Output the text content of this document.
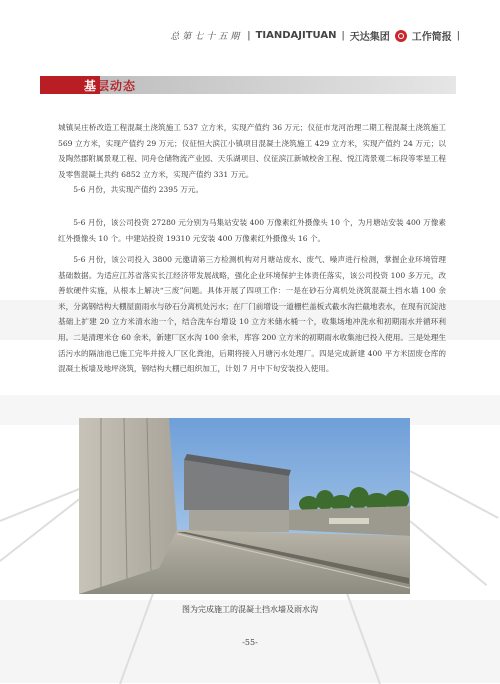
总第七十五期 | TIANDAJITUAN | 天达集团 工作简报 |
基层动态

城镇吴庄桥改造工程混凝土浇筑施工 537 立方米，实现产值约 36 万元；仪征市龙河治理二期工程混凝土浇筑施工 569 立方米，实现产值约 29 万元；仪征恒大滨江小镇项目混凝土浇筑施工 429 立方米，实现产值约 24 万元；以及陶然郡附属景观工程、同舟仓储物流产业园、天乐湖项目、仪征滨江新城校舍工程、悦江湾景观二标段等零星工程及零售混凝土共约 6852 立方米，实现产值约 331 万元。

5-6 月份，共实现产值约 2395 万元。

5-6 月份，该公司投资 27280 元分别为马集站安装 400 万像素红外摄像头 10 个，为月塘站安装 400 万像素红外摄像头 10 个。中建站投资 19310 元安装 400 万像素红外摄像头 16 个。

5-6 月份，该公司投入 3800 元邀请第三方检测机构对月塘站废水、废气、噪声进行检测，掌握企业环境管理基础数据。为适应江苏省落实长江经济带发展战略，强化企业环境保护主体责任落实，该公司投资 100 多万元，改善软硬件实施，从根本上解决“三废”问题。具体开展了四项工作：一是在砂石分离机处浇筑混凝土挡水墙 100 余米，分离钢结构大棚屋面雨水与砂石分离机处污水；在厂门前增设一道栅栏盖板式截水沟拦截地表水，在现有沉淀池基础上扩建 20 立方米清水池一个，结合洗车台增设 10 立方米储水桶一个，收集场地冲洗水和初期雨水并循环利用。二是清理米仓 60 余米，新建厂区水沟 100 余米，库容 200 立方米的初期雨水收集池已投入使用。三是处理生活污水的隔油池已施工完毕并接入厂区化粪池，后期将接入月塘污水处理厂。四是完成新建 400 平方米固废仓库的混凝土板墙及地坪浇筑，钢结构大棚已组织加工，计划 7 月中下旬安装投入使用。

图为完成施工的混凝土挡水墙及雨水沟
-55-
